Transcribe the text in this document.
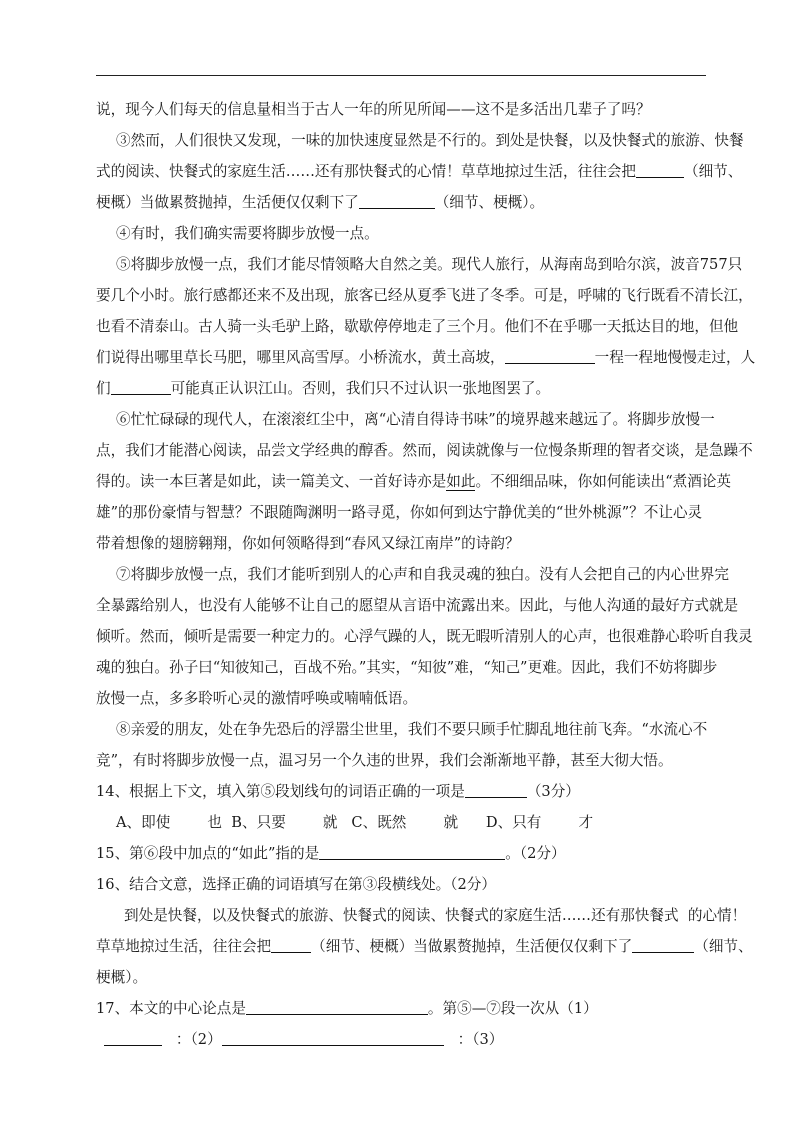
说，现今人们每天的信息量相当于古人一年的所见所闻——这不是多活出几辈子了吗？
③然而，人们很快又发现，一味的加快速度显然是不行的。到处是快餐，以及快餐式的旅游、快餐
式的阅读、快餐式的家庭生活……还有那快餐式的心情！草草地掠过生活，往往会把	（细节、
梗概）当做累赘抛掉，生活便仅仅剩下了	（细节、梗概）。
④有时，我们确实需要将脚步放慢一点。
⑤将脚步放慢一点，我们才能尽情领略大自然之美。现代人旅行，从海南岛到哈尔滨，波音757只
要几个小时。旅行感都还来不及出现，旅客已经从夏季飞进了冬季。可是，呼啸的飞行既看不清长江，
也看不清泰山。古人骑一头毛驴上路，歇歇停停地走了三个月。他们不在乎哪一天抵达目的地，但他
们说得出哪里草长马肥，哪里风高雪厚。小桥流水，黄土高坡，	一程一程地慢慢走过，人
们	可能真正认识江山。否则，我们只不过认识一张地图罢了。
⑥忙忙碌碌的现代人，在滚滚红尘中，离“心清自得诗书味”的境界越来越远了。将脚步放慢一
点，我们才能潜心阅读，品尝文学经典的醇香。然而，阅读就像与一位慢条斯理的智者交谈，是急躁不
得的。读一本巨著是如此，读一篇美文、一首好诗亦是如此。不细细品味，你如何能读出“煮酒论英
雄”的那份豪情与智慧？不跟随陶渊明一路寻觅，你如何到达宁静优美的“世外桃源”？不让心灵
带着想像的翅膀翱翔，你如何领略得到“春风又绿江南岸”的诗韵？
⑦将脚步放慢一点，我们才能听到别人的心声和自我灵魂的独白。没有人会把自己的内心世界完
全暴露给别人，也没有人能够不让自己的愿望从言语中流露出来。因此，与他人沟通的最好方式就是
倾听。然而，倾听是需要一种定力的。心浮气躁的人，既无暇听清别人的心声，也很难静心聆听自我灵
魂的独白。孙子曰“知彼知己，百战不殆。”其实，“知彼”难，“知己”更难。因此，我们不妨将脚步
放慢一点，多多聆听心灵的激情呼唤或喃喃低语。
⑧亲爱的朋友，处在争先恐后的浮嚣尘世里，我们不要只顾手忙脚乱地往前飞奔。“水流心不
竞”，有时将脚步放慢一点，温习另一个久违的世界，我们会渐渐地平静，甚至大彻大悟。
14、根据上下文，填入第⑤段划线句的词语正确的一项是	（3分）
A、即使        也  B、只要        就   C、既然        就      D、只有        才
15、第⑥段中加点的“如此”指的是	。（2分）
16、结合文意，选择正确的词语填写在第③段横线处。（2分）
到处是快餐，以及快餐式的旅游、快餐式的阅读、快餐式的家庭生活……还有那快餐式  的心情！
草草地掠过生活，往往会把	（细节、梗概）当做累赘抛掉，生活便仅仅剩下了	（细节、
梗概）。
17、本文的中心论点是	。第⑤—⑦段一次从（1）
：（2）	：（3）
